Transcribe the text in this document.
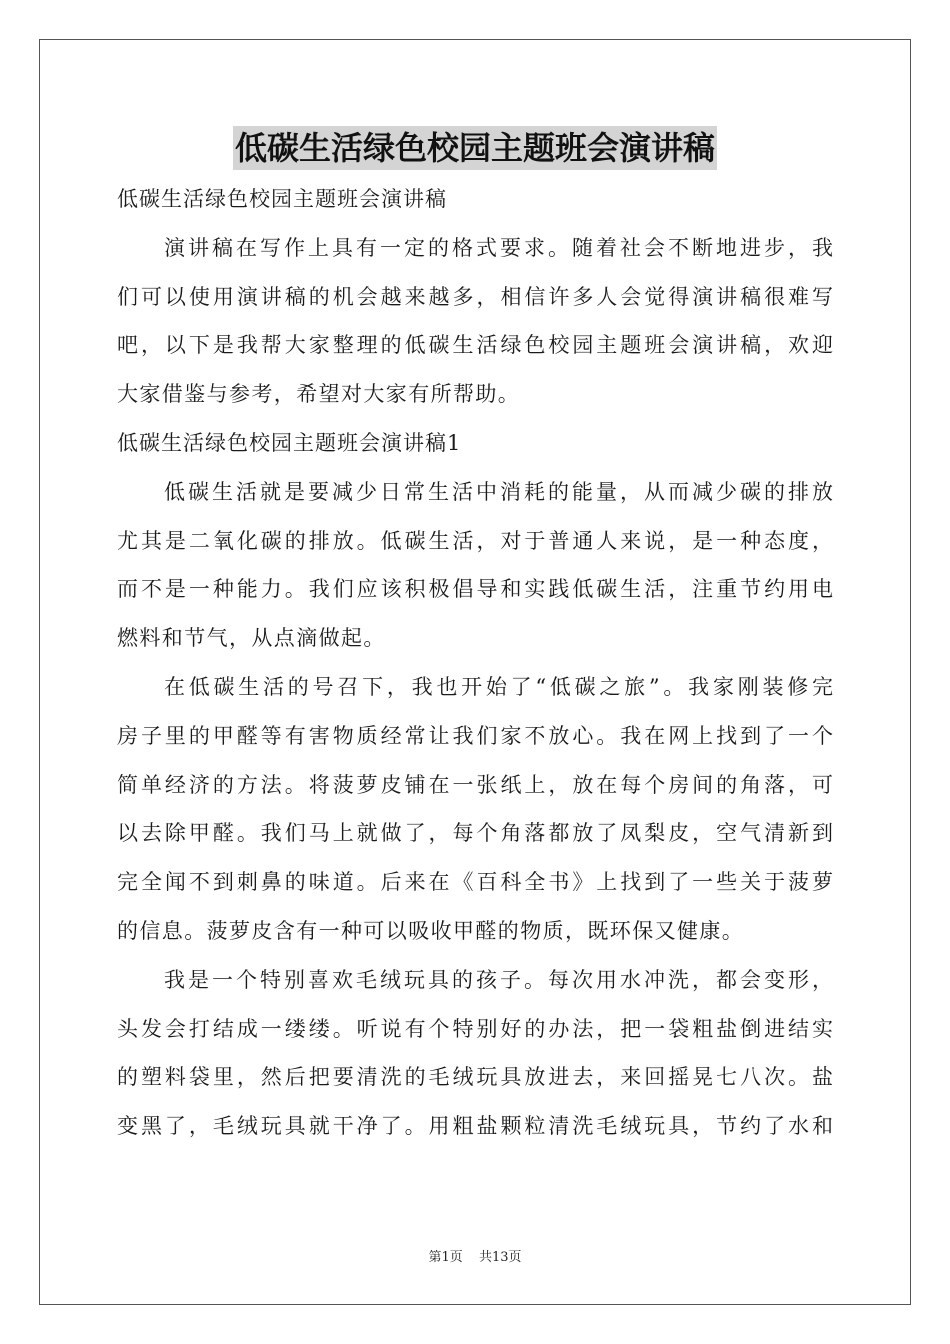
低碳生活绿色校园主题班会演讲稿
低碳生活绿色校园主题班会演讲稿
演讲稿在写作上具有一定的格式要求。随着社会不断地进步，我
们可以使用演讲稿的机会越来越多，相信许多人会觉得演讲稿很难写
吧，以下是我帮大家整理的低碳生活绿色校园主题班会演讲稿，欢迎
大家借鉴与参考，希望对大家有所帮助。
低碳生活绿色校园主题班会演讲稿1
低碳生活就是要减少日常生活中消耗的能量，从而减少碳的排放
尤其是二氧化碳的排放。低碳生活，对于普通人来说，是一种态度，
而不是一种能力。我们应该积极倡导和实践低碳生活，注重节约用电
燃料和节气，从点滴做起。
在低碳生活的号召下，我也开始了“低碳之旅”。我家刚装修完
房子里的甲醛等有害物质经常让我们家不放心。我在网上找到了一个
简单经济的方法。将菠萝皮铺在一张纸上，放在每个房间的角落，可
以去除甲醛。我们马上就做了，每个角落都放了凤梨皮，空气清新到
完全闻不到刺鼻的味道。后来在《百科全书》上找到了一些关于菠萝
的信息。菠萝皮含有一种可以吸收甲醛的物质，既环保又健康。
我是一个特别喜欢毛绒玩具的孩子。每次用水冲洗，都会变形，
头发会打结成一缕缕。听说有个特别好的办法，把一袋粗盐倒进结实
的塑料袋里，然后把要清洗的毛绒玩具放进去，来回摇晃七八次。盐
变黑了，毛绒玩具就干净了。用粗盐颗粒清洗毛绒玩具，节约了水和
第1页 共13页
